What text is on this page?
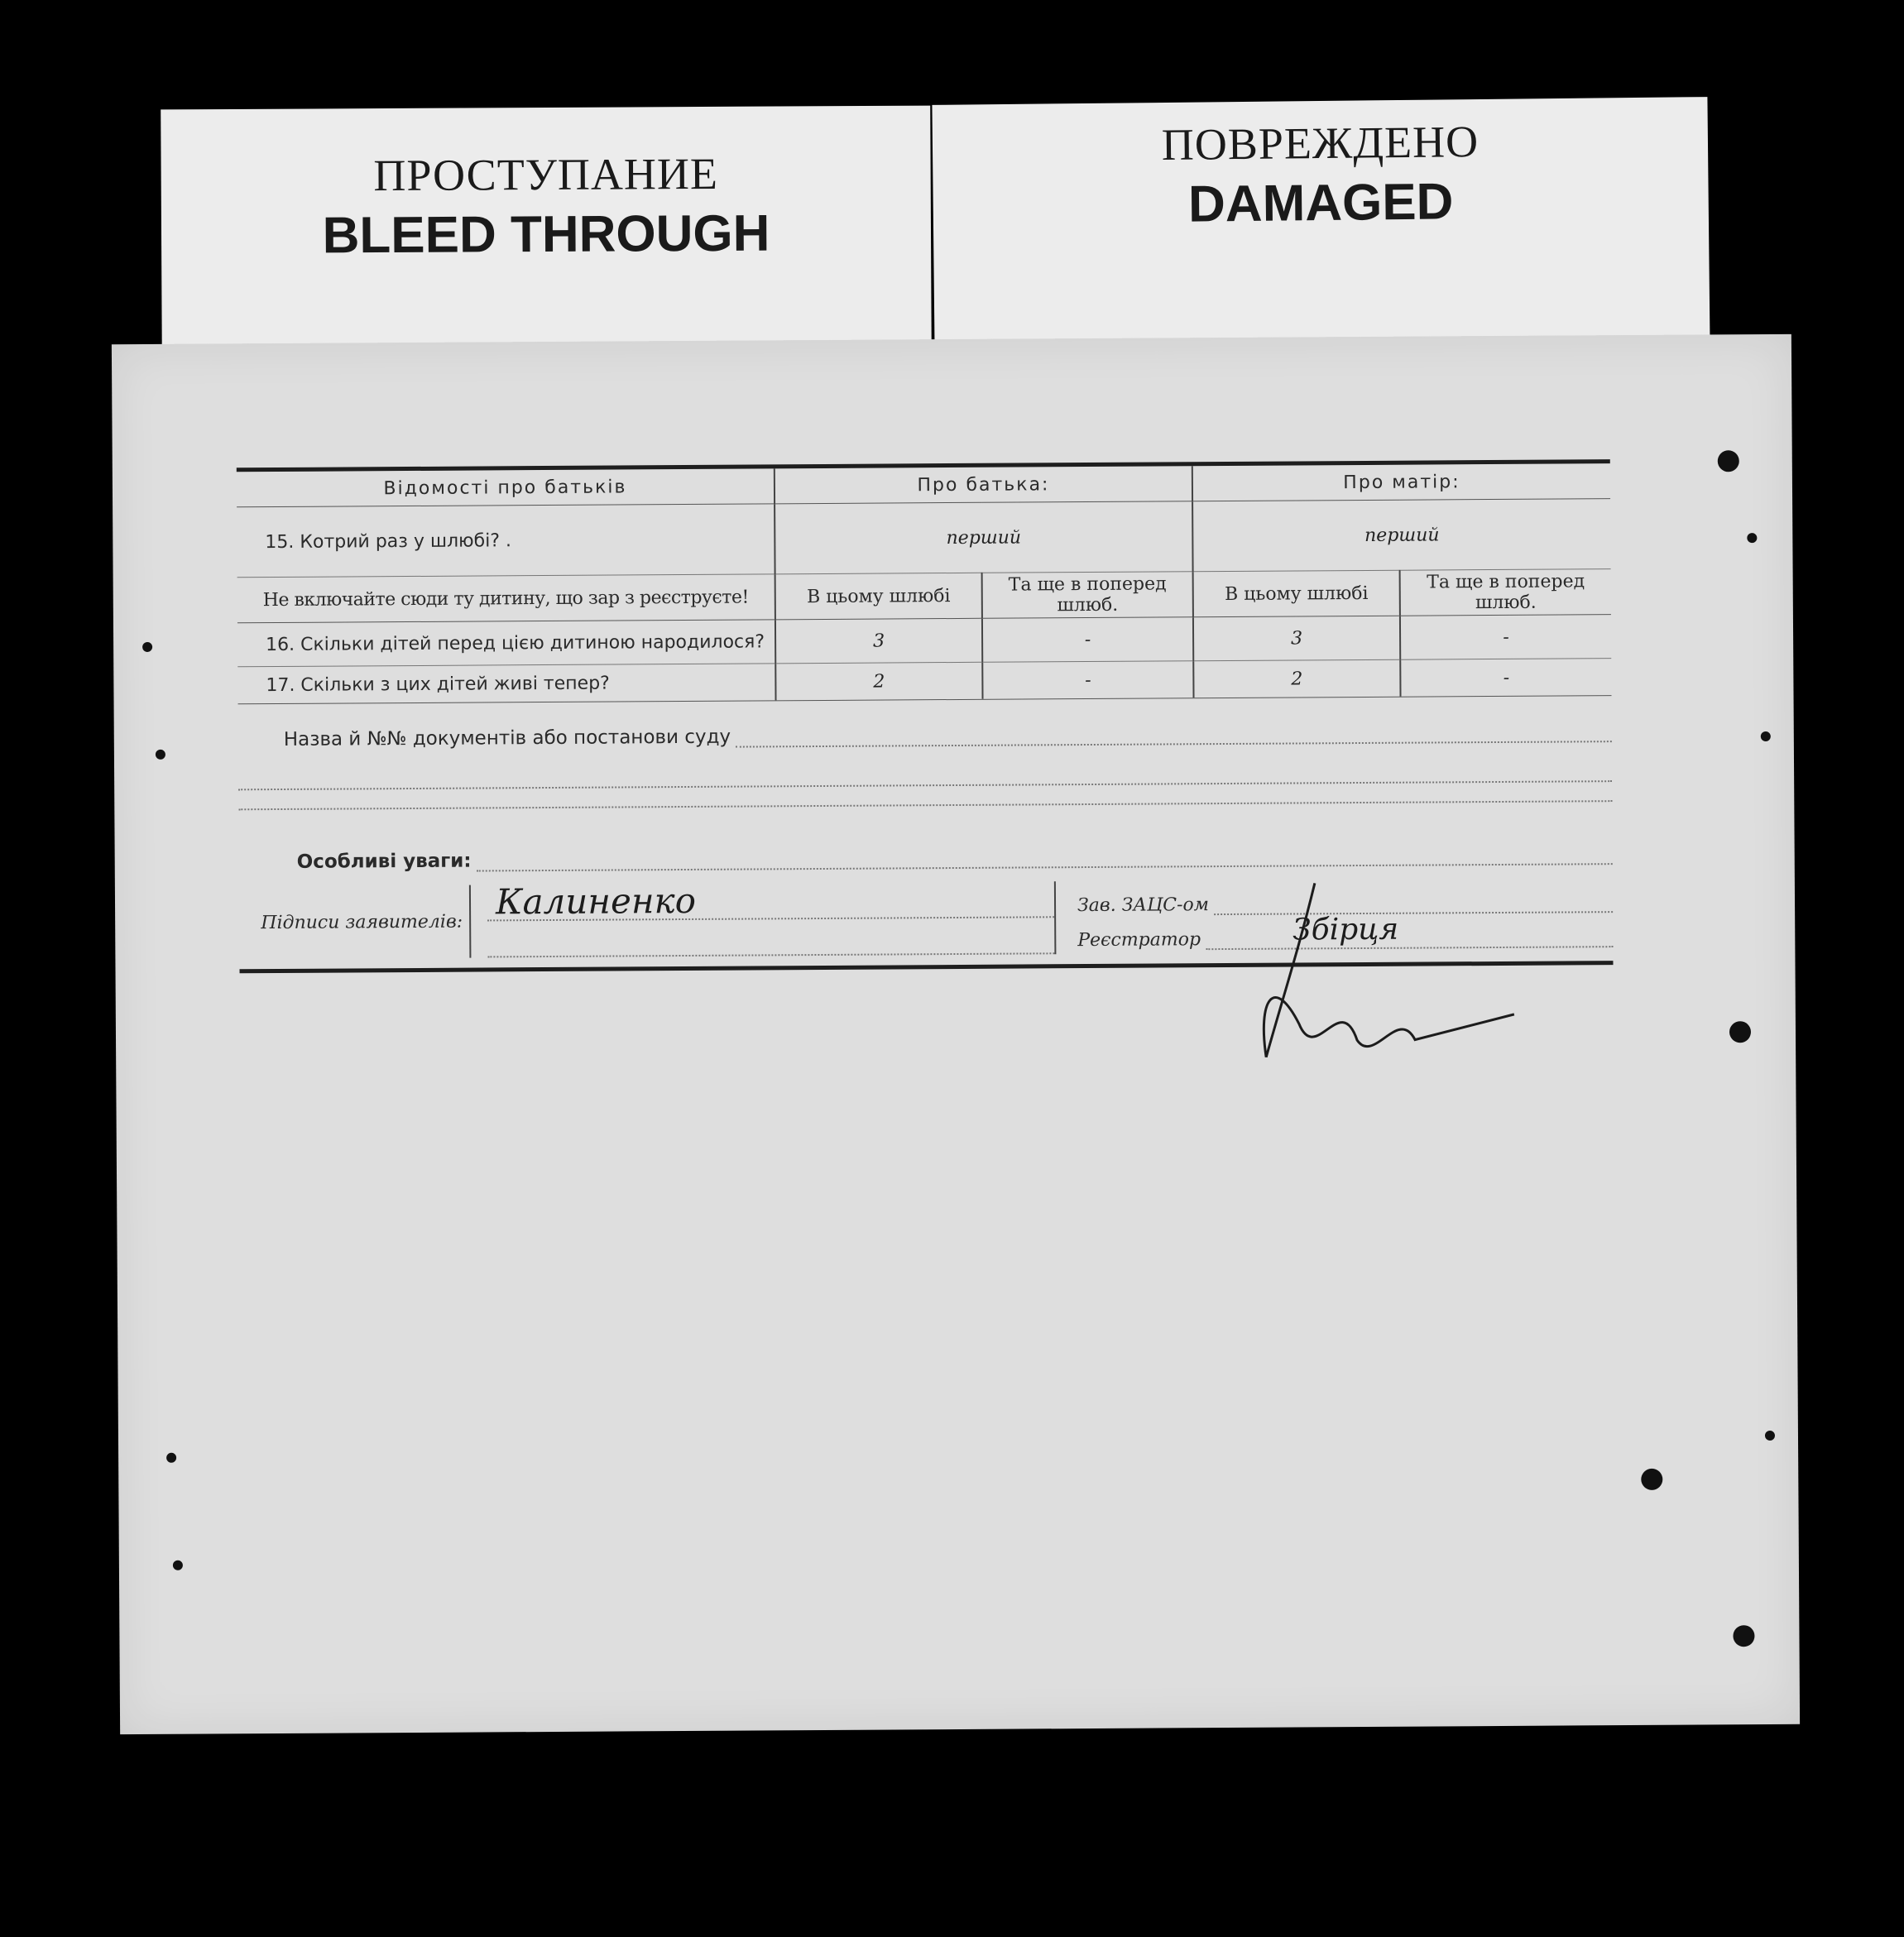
ПРОСТУПАНИЕ
BLEED THROUGH
ПОВРЕЖДЕНО
DAMAGED
Відомості про батьків	Про батька:		Про матір:	
15. Котрий раз у шлюбі? .	перший		перший	
Не включайте сюди ту дитину, що зар з реєструєте!	В цьому шлюбі	Та ще в поперед шлюб.	В цьому шлюбі	Та ще в поперед шлюб.
16. Скільки дітей перед цією дитиною народилося?	3	-	3	-
17. Скільки з цих дітей живі тепер?	2	-	2	-
Назва й №№ документів або постанови суду
Особливі уваги:
Підписи заявителів: Калиненко	Зав. ЗАЦС-ом
Реєстратор	Збірця
